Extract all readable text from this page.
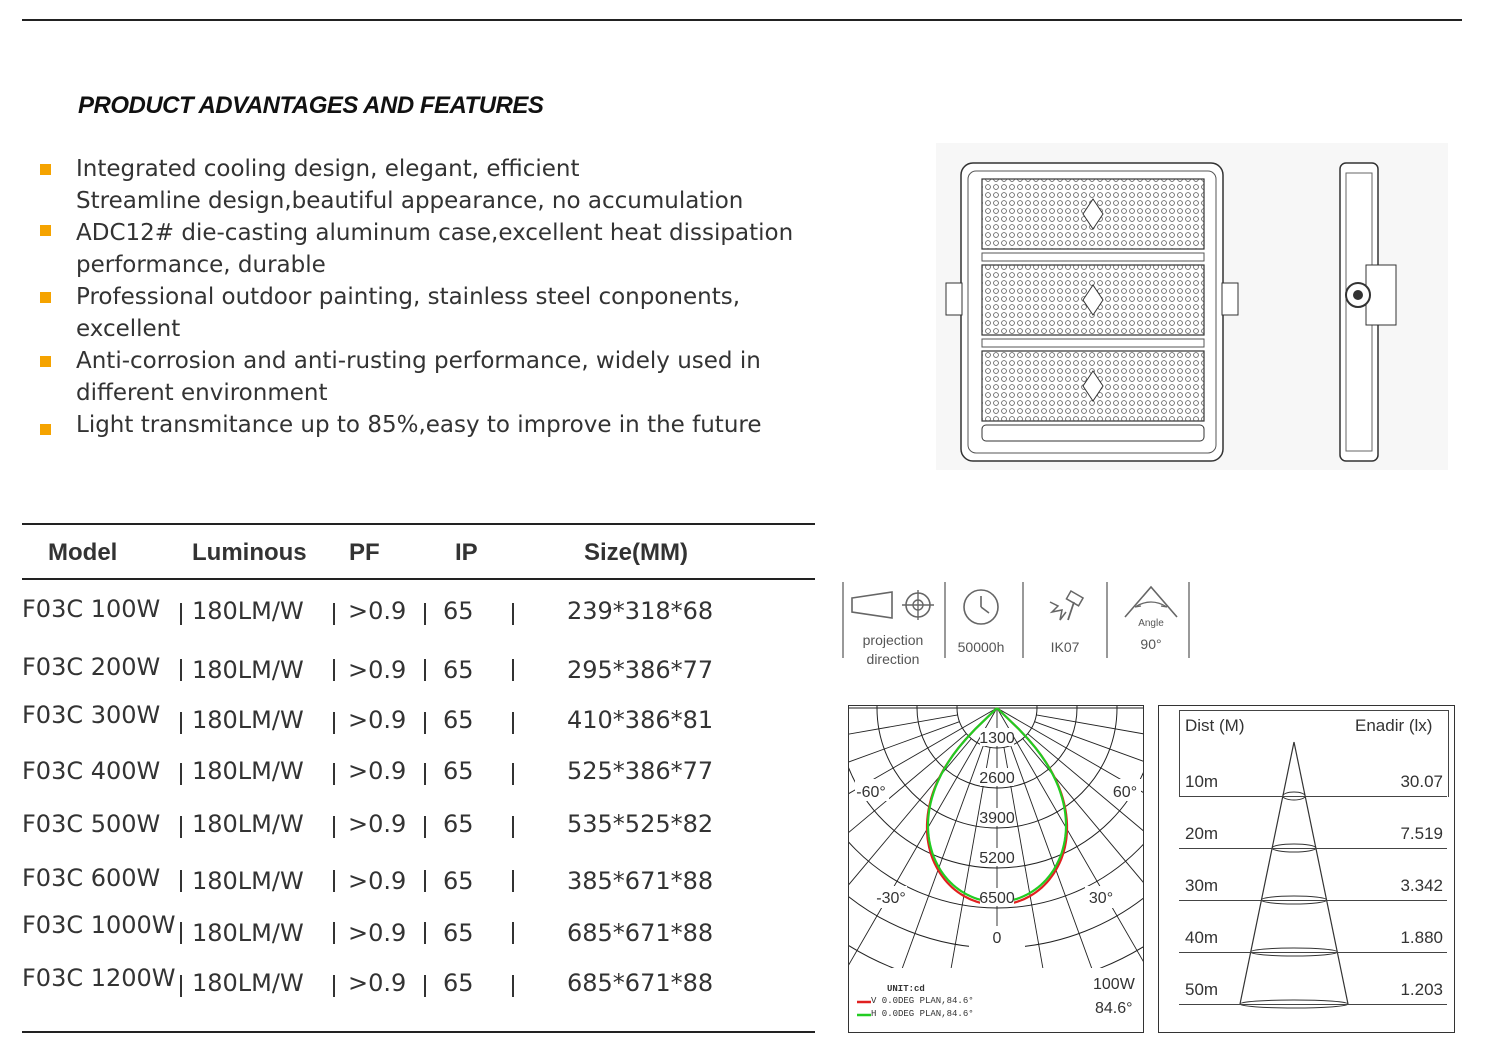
PRODUCT ADVANTAGES AND FEATURES
Integrated cooling design, elegant, efficient
Streamline design,beautiful appearance, no accumulation
ADC12# die-casting aluminum case,excellent heat dissipation
performance, durable
Professional outdoor painting, stainless steel conponents,
excellent
Anti-corrosion and anti-rusting performance, widely used in
different environment
Light transmitance up to 85%,easy to improve in the future
Model	Luminous PF	IP	Size(MM)
F03C 100W 180LM/W >0.9 65	239*318*68
F03C 200W 180LM/W >0.9 65	295*386*77
F03C 300W 180LM/W >0.9 65	410*386*81
F03C 400W 180LM/W >0.9 65	525*386*77
F03C 500W 180LM/W >0.9 65	535*525*82
F03C 600W 180LM/W >0.9 65	385*671*88
F03C 1000W 180LM/W >0.9 65	685*671*88
F03C 1200W 180LM/W >0.9 65	685*671*88
projection
direction
50000h	IK07
Angle
90°
1300
2600
3900
5200
6500
-60°	60°
-30°	30°
0
UNIT:cd
V 0.0DEG PLAN,84.6°
H 0.0DEG PLAN,84.6°
100W
84.6°
Dist (M)	Enadir (lx)
10m	30.07
20m	7.519
30m	3.342
40m	1.880
50m	1.203
